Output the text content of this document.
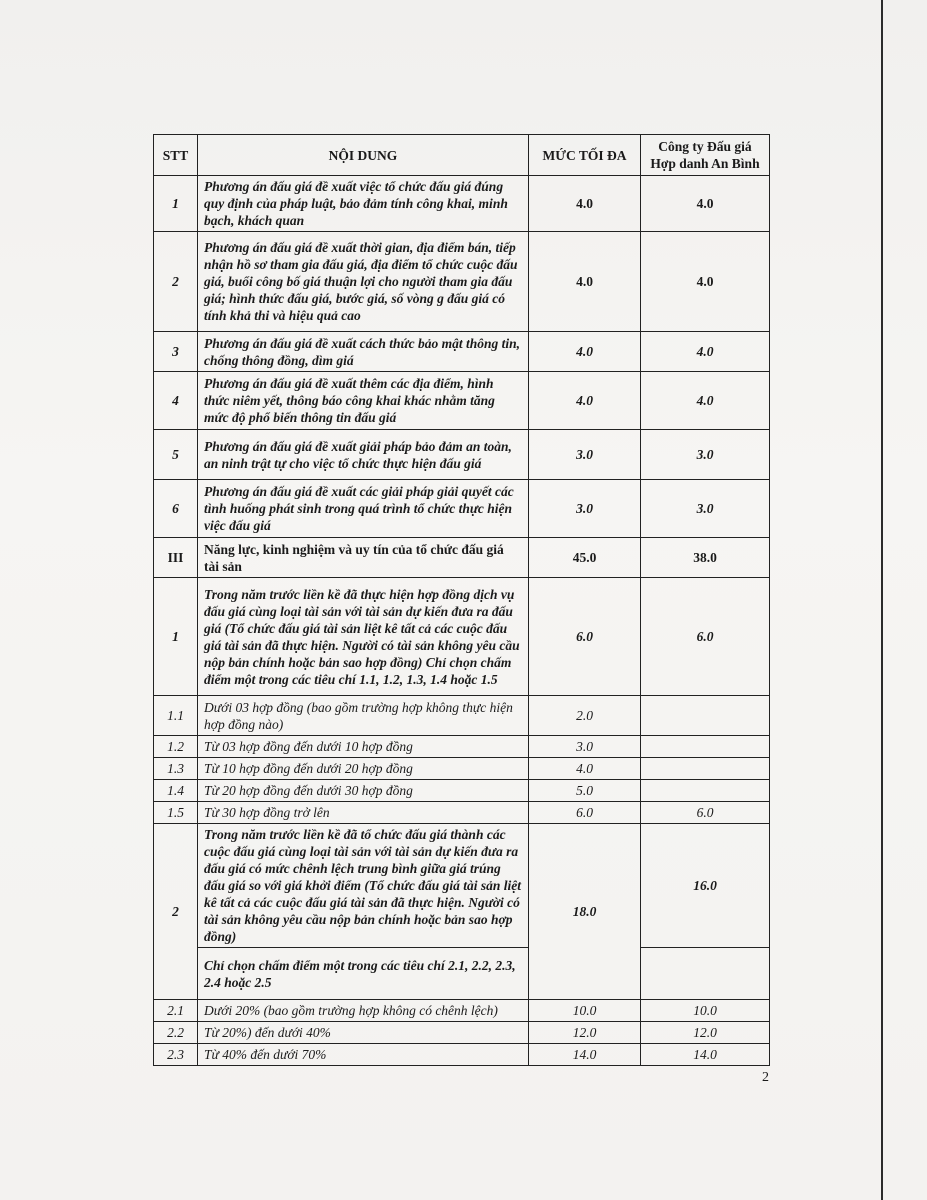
STT	NỘI DUNG	MỨC TỐI ĐA	Công ty Đấu giá Hợp danh An Bình
1	Phương án đấu giá đề xuất việc tổ chức đấu giá đúng quy định của pháp luật, bảo đảm tính công khai, minh bạch, khách quan	4.0	4.0
2	Phương án đấu giá đề xuất thời gian, địa điểm bán, tiếp nhận hồ sơ tham gia đấu giá, địa điểm tổ chức cuộc đấu giá, buổi công bố giá thuận lợi cho người tham gia đấu giá; hình thức đấu giá, bước giá, số vòng g đấu giá có tính khả thi và hiệu quả cao	4.0	4.0
3	Phương án đấu giá đề xuất cách thức bảo mật thông tin, chống thông đồng, dìm giá	4.0	4.0
4	Phương án đấu giá đề xuất thêm các địa điểm, hình thức niêm yết, thông báo công khai khác nhằm tăng mức độ phổ biến thông tin đấu giá	4.0	4.0
5	Phương án đấu giá đề xuất giải pháp bảo đảm an toàn, an ninh trật tự cho việc tổ chức thực hiện đấu giá	3.0	3.0
6	Phương án đấu giá đề xuất các giải pháp giải quyết các tình huống phát sinh trong quá trình tổ chức thực hiện việc đấu giá	3.0	3.0
III	Năng lực, kinh nghiệm và uy tín của tổ chức đấu giá tài sản	45.0	38.0
1	Trong năm trước liền kề đã thực hiện hợp đồng dịch vụ đấu giá cùng loại tài sản với tài sản dự kiến đưa ra đấu giá (Tổ chức đấu giá tài sản liệt kê tất cả các cuộc đấu giá tài sản đã thực hiện. Người có tài sản không yêu cầu nộp bản chính hoặc bản sao hợp đồng) Chỉ chọn chấm điểm một trong các tiêu chí 1.1, 1.2, 1.3, 1.4 hoặc 1.5	6.0	6.0
1.1	Dưới 03 hợp đồng (bao gồm trường hợp không thực hiện hợp đồng nào)	2.0	
1.2	Từ 03 hợp đồng đến dưới 10 hợp đồng	3.0	
1.3	Từ 10 hợp đồng đến dưới 20 hợp đồng	4.0	
1.4	Từ 20 hợp đồng đến dưới 30 hợp đồng	5.0	
1.5	Từ 30 hợp đồng trở lên	6.0	6.0
2	Trong năm trước liền kề đã tổ chức đấu giá thành các cuộc đấu giá cùng loại tài sản với tài sản dự kiến đưa ra đấu giá có mức chênh lệch trung bình giữa giá trúng đấu giá so với giá khởi điểm (Tổ chức đấu giá tài sản liệt kê tất cả các cuộc đấu giá tài sản đã thực hiện. Người có tài sản không yêu cầu nộp bản chính hoặc bản sao hợp đồng)	18.0	16.0
	Chỉ chọn chấm điểm một trong các tiêu chí 2.1, 2.2, 2.3, 2.4 hoặc 2.5		
2.1	Dưới 20% (bao gồm trường hợp không có chênh lệch)	10.0	10.0
2.2	Từ 20%) đến dưới 40%	12.0	12.0
2.3	Từ 40% đến dưới 70%	14.0	14.0
2
